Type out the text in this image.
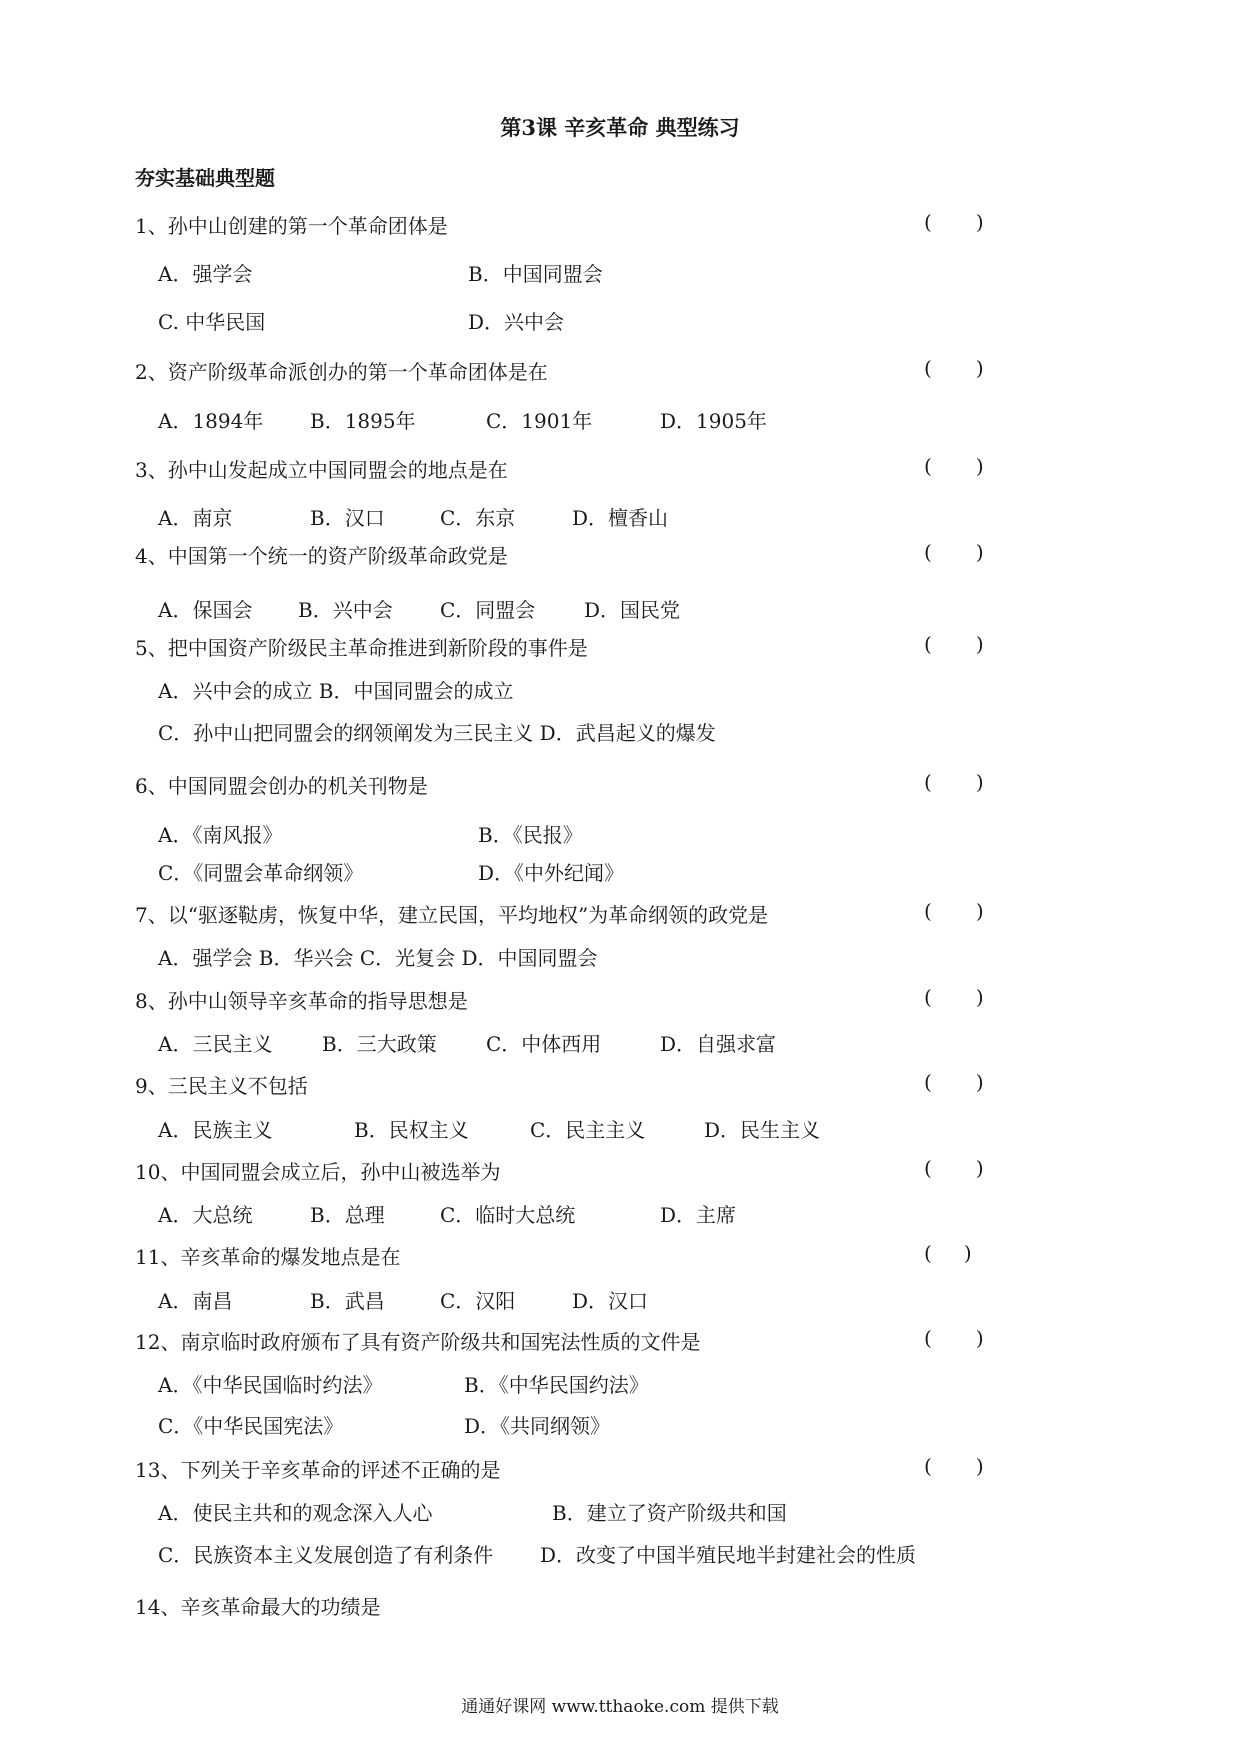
第3课 辛亥革命 典型练习
夯实基础典型题
1、孙中山创建的第一个革命团体是	( )
A．强学会	B．中国同盟会
C. 中华民国	D．兴中会
2、资产阶级革命派创办的第一个革命团体是在	( )
A．1894年 B．1895年	C．1901年	D．1905年
3、孙中山发起成立中国同盟会的地点是在	( )
A．南京	B．汉口	C．东京	D．檀香山
4、中国第一个统一的资产阶级革命政党是	( )
A．保国会 B．兴中会 C．同盟会 D．国民党
5、把中国资产阶级民主革命推进到新阶段的事件是	( )
A．兴中会的成立 B．中国同盟会的成立
C．孙中山把同盟会的纲领阐发为三民主义 D．武昌起义的爆发
6、中国同盟会创办的机关刊物是	( )
A．《南风报》	B．《民报》
C．《同盟会革命纲领》	D．《中外纪闻》
7、以“驱逐鞑虏，恢复中华，建立民国，平均地权”为革命纲领的政党是	( )
A．强学会 B．华兴会 C．光复会 D．中国同盟会
8、孙中山领导辛亥革命的指导思想是	( )
A．三民主义 B．三大政策 C．中体西用	D．自强求富
9、三民主义不包括	( )
A．民族主义	B．民权主义	C．民主主义	D．民生主义
10、中国同盟会成立后，孙中山被选举为	( )
A．大总统	B．总理	C．临时大总统	D．主席
11、辛亥革命的爆发地点是在	( )
A．南昌	B．武昌	C．汉阳	D．汉口
12、南京临时政府颁布了具有资产阶级共和国宪法性质的文件是	( )
A．《中华民国临时约法》	B．《中华民国约法》
C．《中华民国宪法》	D．《共同纲领》
13、下列关于辛亥革命的评述不正确的是	( )
A．使民主共和的观念深入人心	B．建立了资产阶级共和国
C．民族资本主义发展创造了有利条件 D．改变了中国半殖民地半封建社会的性质
14、辛亥革命最大的功绩是
通通好课网 www.tthaoke.com 提供下载
